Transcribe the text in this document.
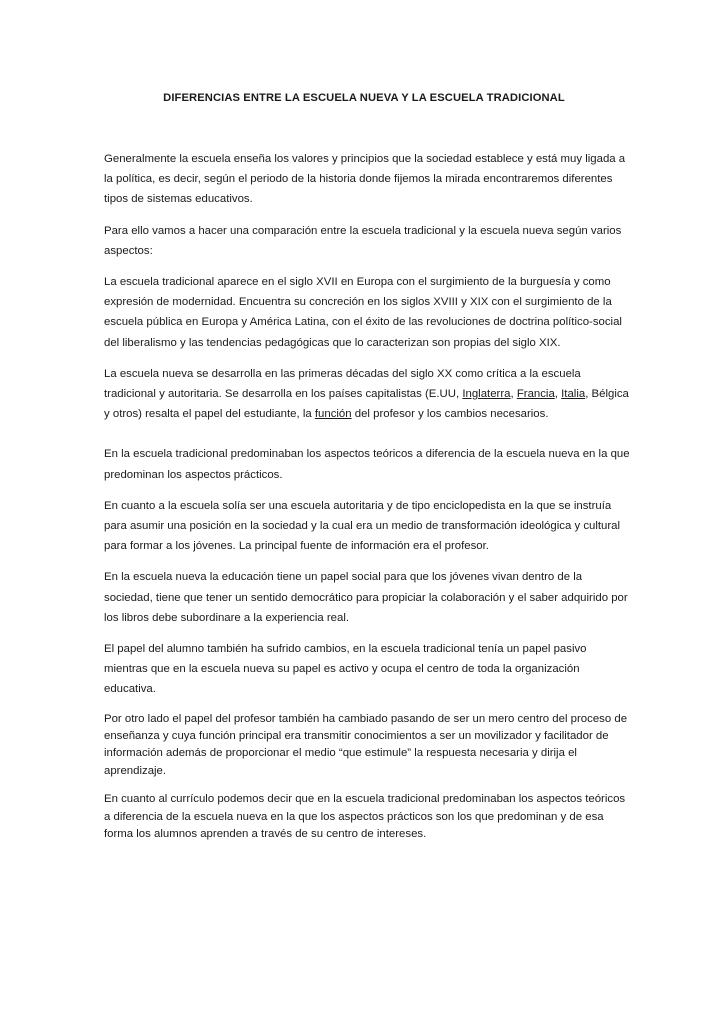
DIFERENCIAS ENTRE LA ESCUELA NUEVA Y LA ESCUELA TRADICIONAL

Generalmente la escuela enseña los valores y principios que la sociedad establece y está muy ligada a la política, es decir, según el periodo de la historia donde fijemos la mirada encontraremos diferentes tipos de sistemas educativos.

Para ello vamos a hacer una comparación entre la escuela tradicional y la escuela nueva según varios aspectos:

La escuela tradicional aparece en el siglo XVII en Europa con el surgimiento de la burguesía y como expresión de modernidad. Encuentra su concreción en los siglos XVIII y XIX con el surgimiento de la escuela pública en Europa y América Latina, con el éxito de las revoluciones de doctrina político-social del liberalismo y las tendencias pedagógicas que lo caracterizan son propias del siglo XIX.

La escuela nueva se desarrolla en las primeras décadas del siglo XX como crítica a la escuela tradicional y autoritaria. Se desarrolla en los países capitalistas (E.UU, Inglaterra, Francia, Italia, Bélgica y otros) resalta el papel del estudiante, la función del profesor y los cambios necesarios.

En la escuela tradicional predominaban los aspectos teóricos a diferencia de la escuela nueva en la que predominan los aspectos prácticos.

En cuanto a la escuela solía ser una escuela autoritaria y de tipo enciclopedista en la que se instruía para asumir una posición en la sociedad y la cual era un medio de transformación ideológica y cultural para formar a los jóvenes. La principal fuente de información era el profesor.

En la escuela nueva la educación tiene un papel social para que los jóvenes vivan dentro de la sociedad, tiene que tener un sentido democrático para propiciar la colaboración y el saber adquirido por los libros debe subordinare a la experiencia real.

El papel del alumno también ha sufrido cambios, en la escuela tradicional tenía un papel pasivo mientras que en la escuela nueva su papel es activo y ocupa el centro de toda la organización educativa.

Por otro lado el papel del profesor también ha cambiado pasando de ser un mero centro del proceso de enseñanza y cuya función principal era transmitir conocimientos a ser un movilizador y facilitador de información además de proporcionar el medio “que estimule” la respuesta necesaria y dirija el aprendizaje.

En cuanto al currículo podemos decir que en la escuela tradicional predominaban los aspectos teóricos a diferencia de la escuela nueva en la que los aspectos prácticos son los que predominan y de esa forma los alumnos aprenden a través de su centro de intereses.
